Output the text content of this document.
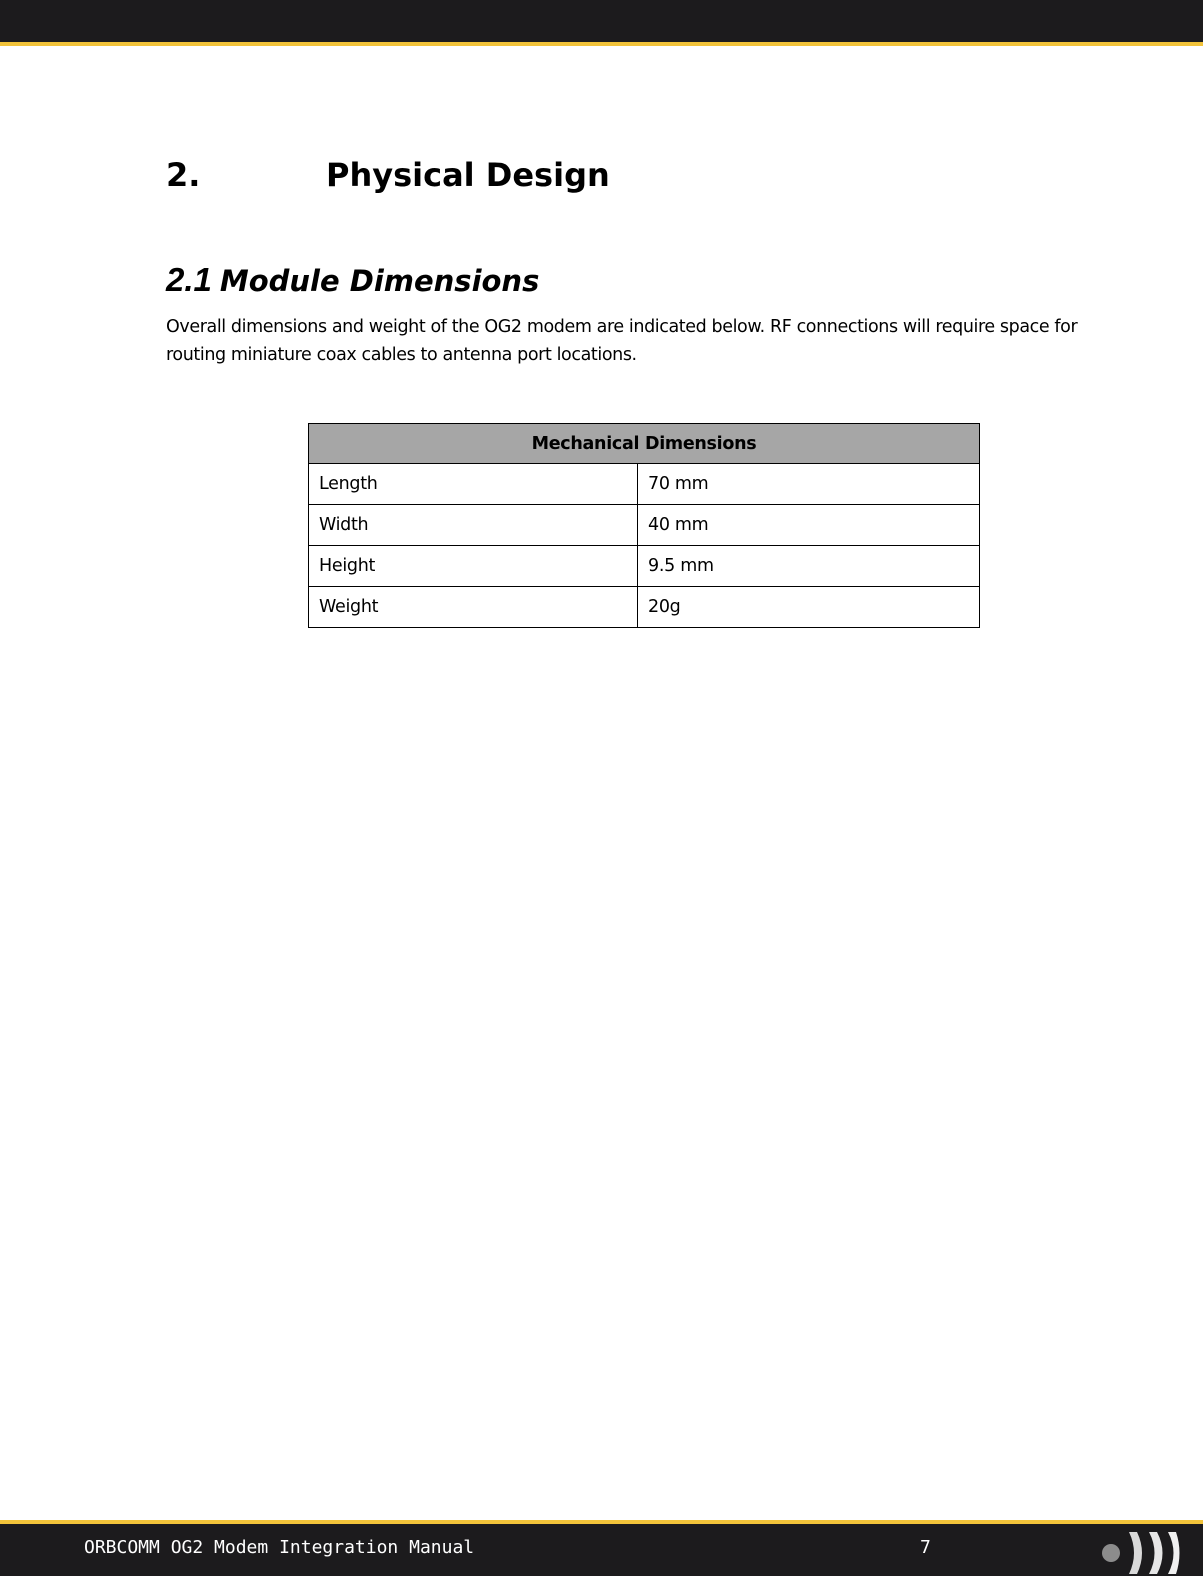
2.	Physical Design
2.1 Module Dimensions

Overall dimensions and weight of the OG2 modem are indicated below. RF connections will require space for routing miniature coax cables to antenna port locations.

Mechanical Dimensions	
Length	70 mm
Width	40 mm
Height	9.5 mm
Weight	20g
ORBCOMM OG2 Modem Integration Manual	7
